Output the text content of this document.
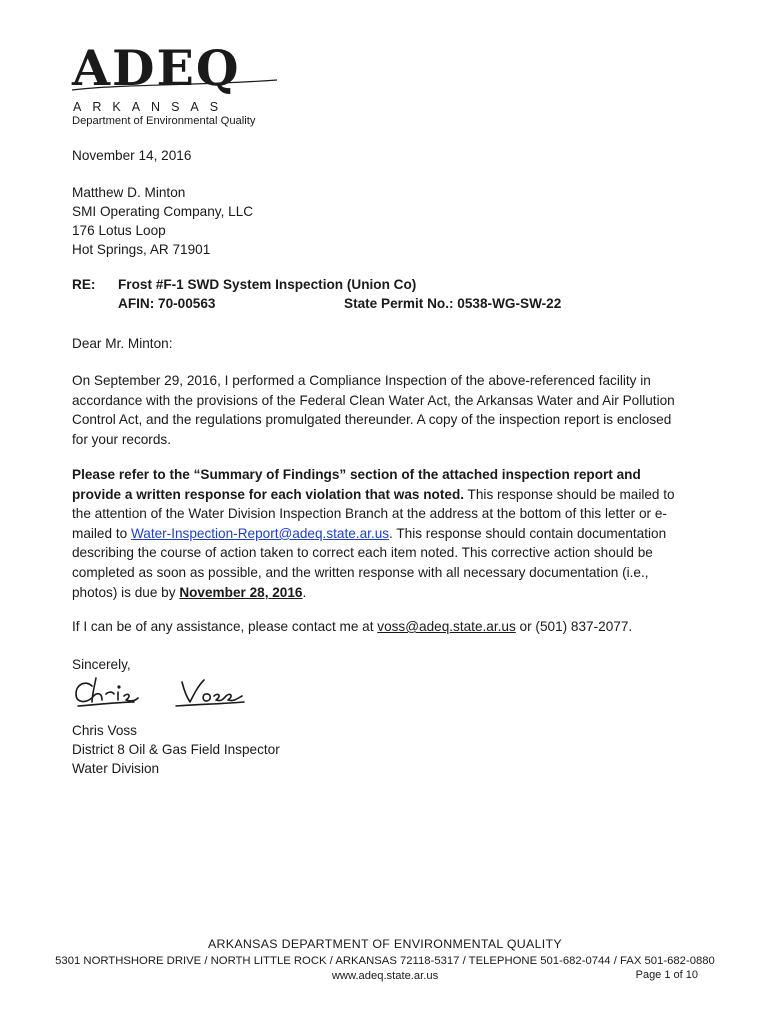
ADEQ
ARKANSAS
Department of Environmental Quality
November 14, 2016
Matthew D. Minton
SMI Operating Company, LLC
176 Lotus Loop
Hot Springs, AR 71901
RE: Frost #F-1 SWD System Inspection (Union Co)
AFIN: 70-00563	State Permit No.: 0538-WG-SW-22
Dear Mr. Minton:
On September 29, 2016, I performed a Compliance Inspection of the above-referenced facility in
accordance with the provisions of the Federal Clean Water Act, the Arkansas Water and Air Pollution
Control Act, and the regulations promulgated thereunder. A copy of the inspection report is enclosed
for your records.
Please refer to the “Summary of Findings” section of the attached inspection report and
provide a written response for each violation that was noted. This response should be mailed to
the attention of the Water Division Inspection Branch at the address at the bottom of this letter or e-
mailed to Water-Inspection-Report@adeq.state.ar.us. This response should contain documentation
describing the course of action taken to correct each item noted. This corrective action should be
completed as soon as possible, and the written response with all necessary documentation (i.e.,
photos) is due by November 28, 2016.
If I can be of any assistance, please contact me at voss@adeq.state.ar.us or (501) 837-2077.
Sincerely,
Chris Voss
District 8 Oil & Gas Field Inspector
Water Division
ARKANSAS DEPARTMENT OF ENVIRONMENTAL QUALITY
5301 NORTHSHORE DRIVE / NORTH LITTLE ROCK / ARKANSAS 72118-5317 / TELEPHONE 501-682-0744 / FAX 501-682-0880
www.adeq.state.ar.us	Page 1 of 10
